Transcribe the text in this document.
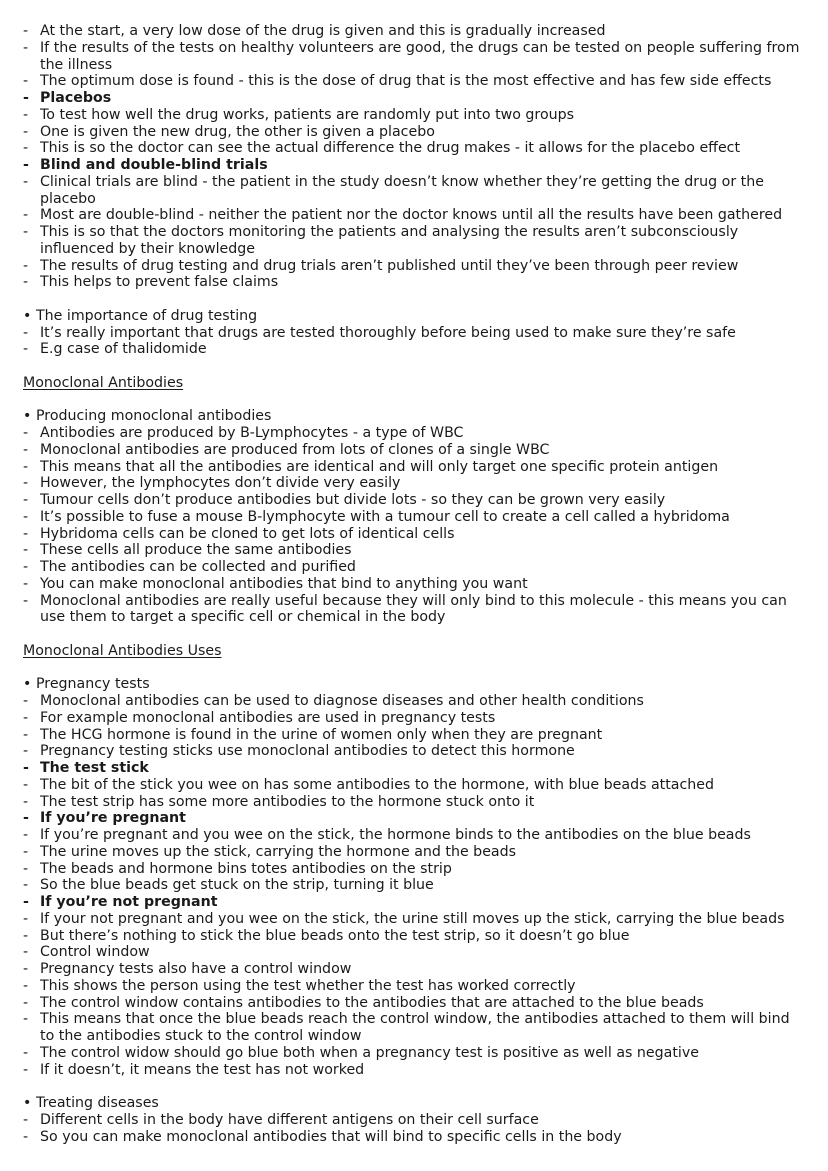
- At the start, a very low dose of the drug is given and this is gradually increased
- If the results of the tests on healthy volunteers are good, the drugs can be tested on people suffering from the illness
- The optimum dose is found - this is the dose of drug that is the most effective and has few side effects
- Placebos
- To test how well the drug works, patients are randomly put into two groups
- One is given the new drug, the other is given a placebo
- This is so the doctor can see the actual difference the drug makes - it allows for the placebo effect
- Blind and double-blind trials
- Clinical trials are blind - the patient in the study doesn’t know whether they’re getting the drug or the placebo
- Most are double-blind - neither the patient nor the doctor knows until all the results have been gathered
- This is so that the doctors monitoring the patients and analysing the results aren’t subconsciously influenced by their knowledge
- The results of drug testing and drug trials aren’t published until they’ve been through peer review
- This helps to prevent false claims
• The importance of drug testing
- It’s really important that drugs are tested thoroughly before being used to make sure they’re safe
- E.g case of thalidomide
Monoclonal Antibodies
• Producing monoclonal antibodies
- Antibodies are produced by B-Lymphocytes - a type of WBC
- Monoclonal antibodies are produced from lots of clones of a single WBC
- This means that all the antibodies are identical and will only target one specific protein antigen
- However, the lymphocytes don’t divide very easily
- Tumour cells don’t produce antibodies but divide lots - so they can be grown very easily
- It’s possible to fuse a mouse B-lymphocyte with a tumour cell to create a cell called a hybridoma
- Hybridoma cells can be cloned to get lots of identical cells
- These cells all produce the same antibodies
- The antibodies can be collected and purified
- You can make monoclonal antibodies that bind to anything you want
- Monoclonal antibodies are really useful because they will only bind to this molecule - this means you can use them to target a specific cell or chemical in the body
Monoclonal Antibodies Uses
• Pregnancy tests
- Monoclonal antibodies can be used to diagnose diseases and other health conditions
- For example monoclonal antibodies are used in pregnancy tests
- The HCG hormone is found in the urine of women only when they are pregnant
- Pregnancy testing sticks use monoclonal antibodies to detect this hormone
- The test stick
- The bit of the stick you wee on has some antibodies to the hormone, with blue beads attached
- The test strip has some more antibodies to the hormone stuck onto it
- If you’re pregnant
- If you’re pregnant and you wee on the stick, the hormone binds to the antibodies on the blue beads
- The urine moves up the stick, carrying the hormone and the beads
- The beads and hormone bins totes antibodies on the strip
- So the blue beads get stuck on the strip, turning it blue
- If you’re not pregnant
- If your not pregnant and you wee on the stick, the urine still moves up the stick, carrying the blue beads
- But there’s nothing to stick the blue beads onto the test strip, so it doesn’t go blue
- Control window
- Pregnancy tests also have a control window
- This shows the person using the test whether the test has worked correctly
- The control window contains antibodies to the antibodies that are attached to the blue beads
- This means that once the blue beads reach the control window, the antibodies attached to them will bind to the antibodies stuck to the control window
- The control widow should go blue both when a pregnancy test is positive as well as negative
- If it doesn’t, it means the test has not worked
• Treating diseases
- Different cells in the body have different antigens on their cell surface
- So you can make monoclonal antibodies that will bind to specific cells in the body
